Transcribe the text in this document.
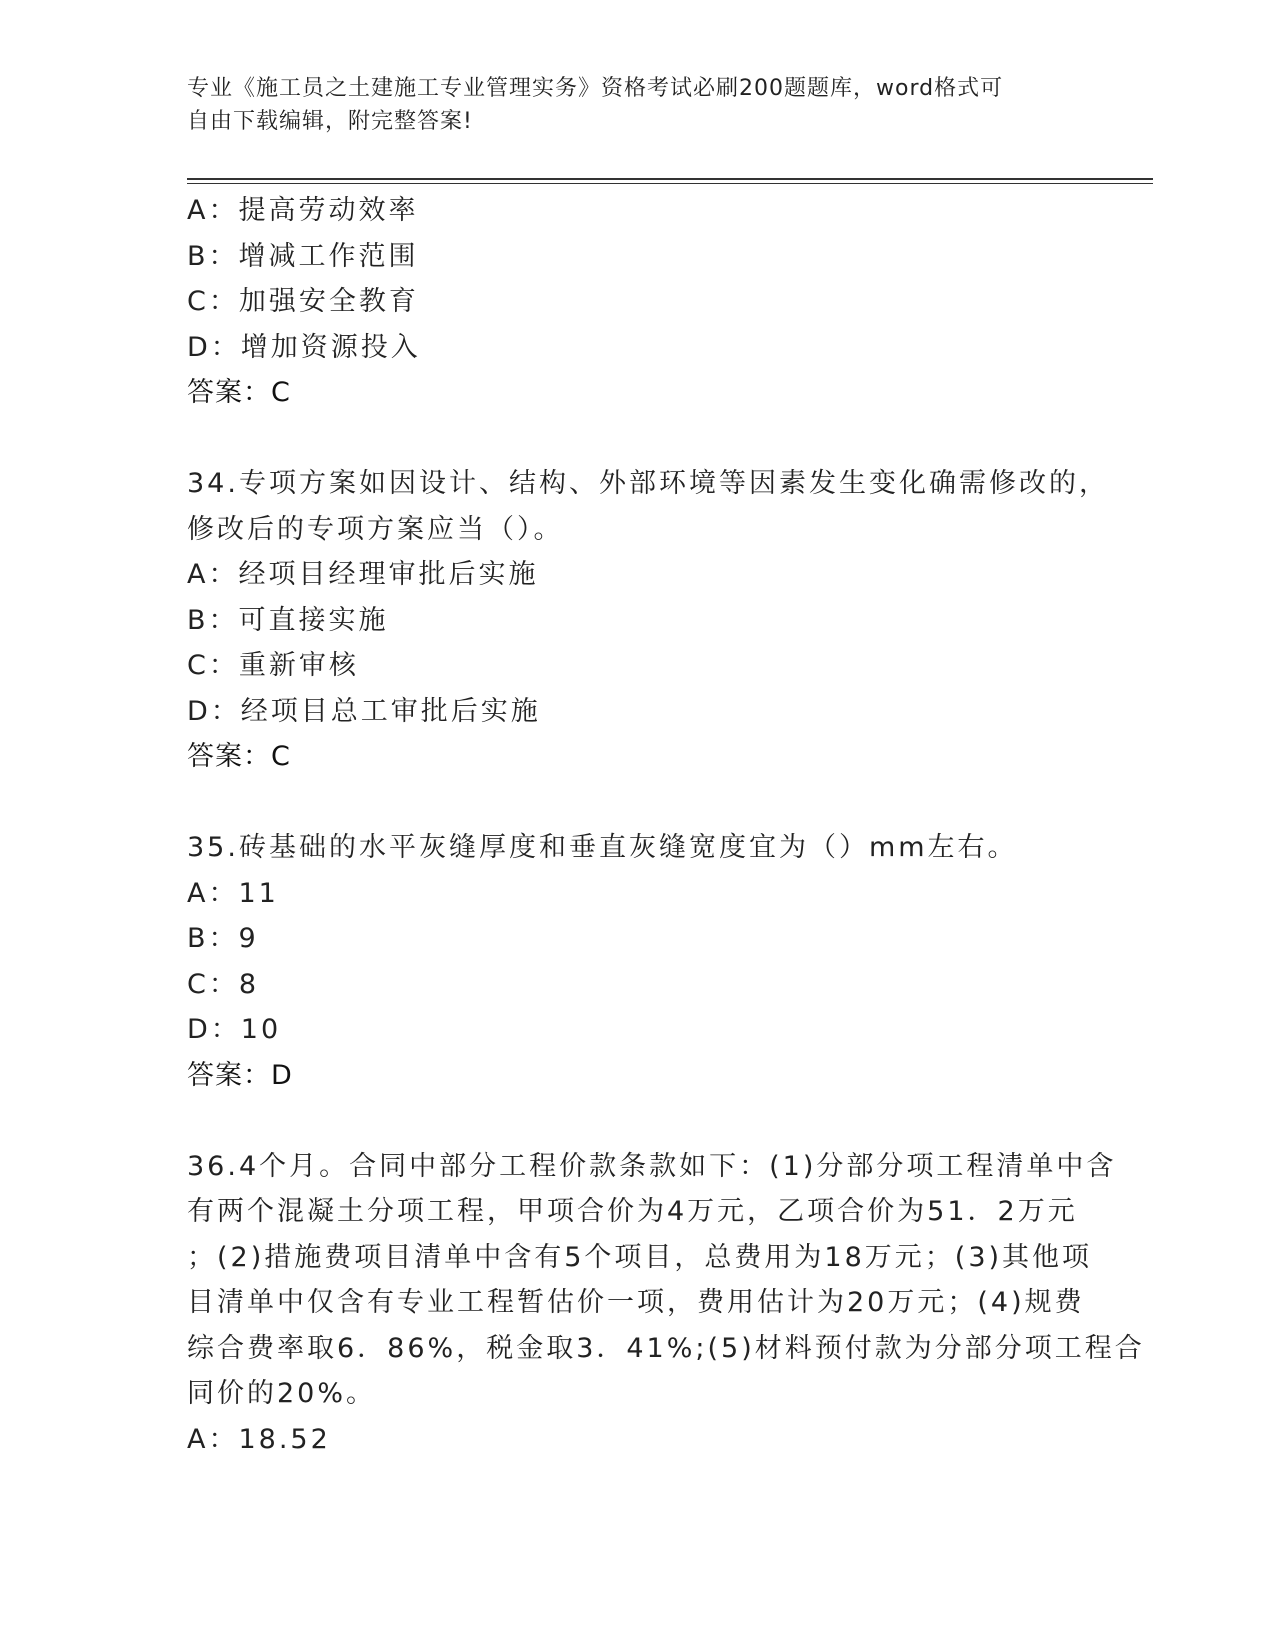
专业《施工员之土建施工专业管理实务》资格考试必刷200题题库，word格式可
自由下载编辑，附完整答案!
A：提高劳动效率
B：增减工作范围
C：加强安全教育
D：增加资源投入
答案：C
34.专项方案如因设计、结构、外部环境等因素发生变化确需修改的，
修改后的专项方案应当（）。
A：经项目经理审批后实施
B：可直接实施
C：重新审核
D：经项目总工审批后实施
答案：C
35.砖基础的水平灰缝厚度和垂直灰缝宽度宜为（）mm左右。
A：11
B：9
C：8
D：10
答案：D
36.4个月。合同中部分工程价款条款如下：(1)分部分项工程清单中含
有两个混凝土分项工程，甲项合价为4万元，乙项合价为51．2万元
；(2)措施费项目清单中含有5个项目，总费用为18万元；(3)其他项
目清单中仅含有专业工程暂估价一项，费用估计为20万元；(4)规费
综合费率取6．86%，税金取3．41%;(5)材料预付款为分部分项工程合
同价的20%。
A：18.52
